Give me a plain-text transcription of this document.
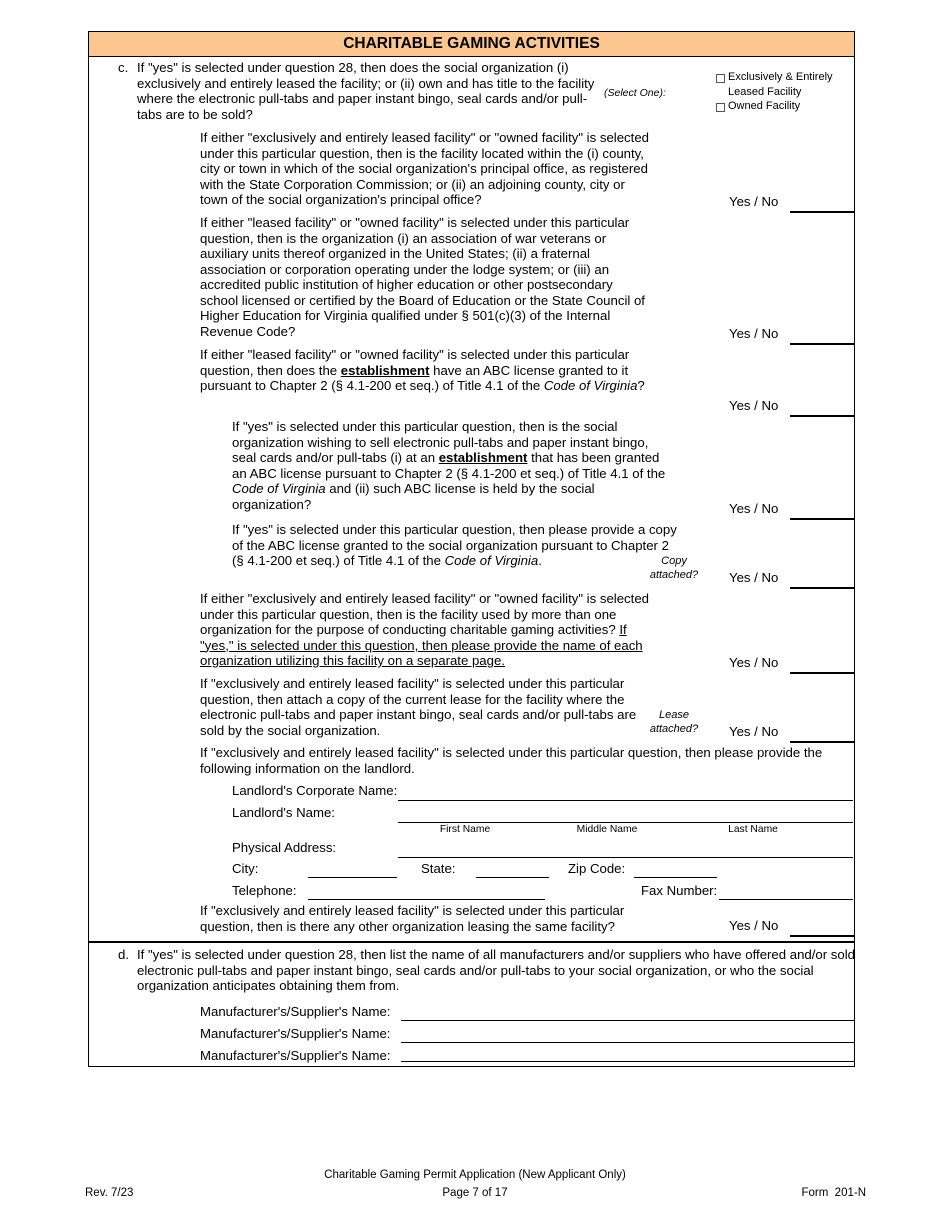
CHARITABLE GAMING ACTIVITIES
c. If "yes" is selected under question 28, then does the social organization (i) exclusively and entirely leased the facility; or (ii) own and has title to the facility where the electronic pull-tabs and paper instant bingo, seal cards and/or pull-tabs are to be sold?
(Select One):
Exclusively & Entirely Leased Facility
Owned Facility
If either "exclusively and entirely leased facility" or "owned facility" is selected under this particular question, then is the facility located within the (i) county, city or town in which of the social organization's principal office, as registered with the State Corporation Commission; or (ii) an adjoining county, city or town of the social organization's principal office?	Yes / No
If either "leased facility" or "owned facility" is selected under this particular question, then is the organization (i) an association of war veterans or auxiliary units thereof organized in the United States; (ii) a fraternal association or corporation operating under the lodge system; or (iii) an accredited public institution of higher education or other postsecondary school licensed or certified by the Board of Education or the State Council of Higher Education for Virginia qualified under § 501(c)(3) of the Internal Revenue Code?	Yes / No
If either "leased facility" or "owned facility" is selected under this particular question, then does the establishment have an ABC license granted to it pursuant to Chapter 2 (§ 4.1-200 et seq.) of Title 4.1 of the Code of Virginia?
Yes / No
If "yes" is selected under this particular question, then is the social organization wishing to sell electronic pull-tabs and paper instant bingo, seal cards and/or pull-tabs (i) at an establishment that has been granted an ABC license pursuant to Chapter 2 (§ 4.1-200 et seq.) of Title 4.1 of the Code of Virginia and (ii) such ABC license is held by the social organization?	Yes / No
If "yes" is selected under this particular question, then please provide a copy of the ABC license granted to the social organization pursuant to Chapter 2 (§ 4.1-200 et seq.) of Title 4.1 of the Code of Virginia.	Copy attached?	Yes / No
If either "exclusively and entirely leased facility" or "owned facility" is selected under this particular question, then is the facility used by more than one organization for the purpose of conducting charitable gaming activities? If "yes," is selected under this question, then please provide the name of each organization utilizing this facility on a separate page.	Yes / No
If "exclusively and entirely leased facility" is selected under this particular question, then attach a copy of the current lease for the facility where the electronic pull-tabs and paper instant bingo, seal cards and/or pull-tabs are sold by the social organization.
Lease attached?	Yes / No
If "exclusively and entirely leased facility" is selected under this particular question, then please provide the following information on the landlord.
Landlord's Corporate Name:
Landlord's Name:
First Name	Middle Name	Last Name
Physical Address:
City:	State:	Zip Code:
Telephone:	Fax Number:
If "exclusively and entirely leased facility" is selected under this particular question, then is there any other organization leasing the same facility?	Yes / No
d. If "yes" is selected under question 28, then list the name of all manufacturers and/or suppliers who have offered and/or sold electronic pull-tabs and paper instant bingo, seal cards and/or pull-tabs to your social organization, or who the social organization anticipates obtaining them from.
Manufacturer's/Supplier's Name:
Manufacturer's/Supplier's Name:
Manufacturer's/Supplier's Name:
Charitable Gaming Permit Application (New Applicant Only)
Page 7 of 17
Rev. 7/23	Form  201-N
